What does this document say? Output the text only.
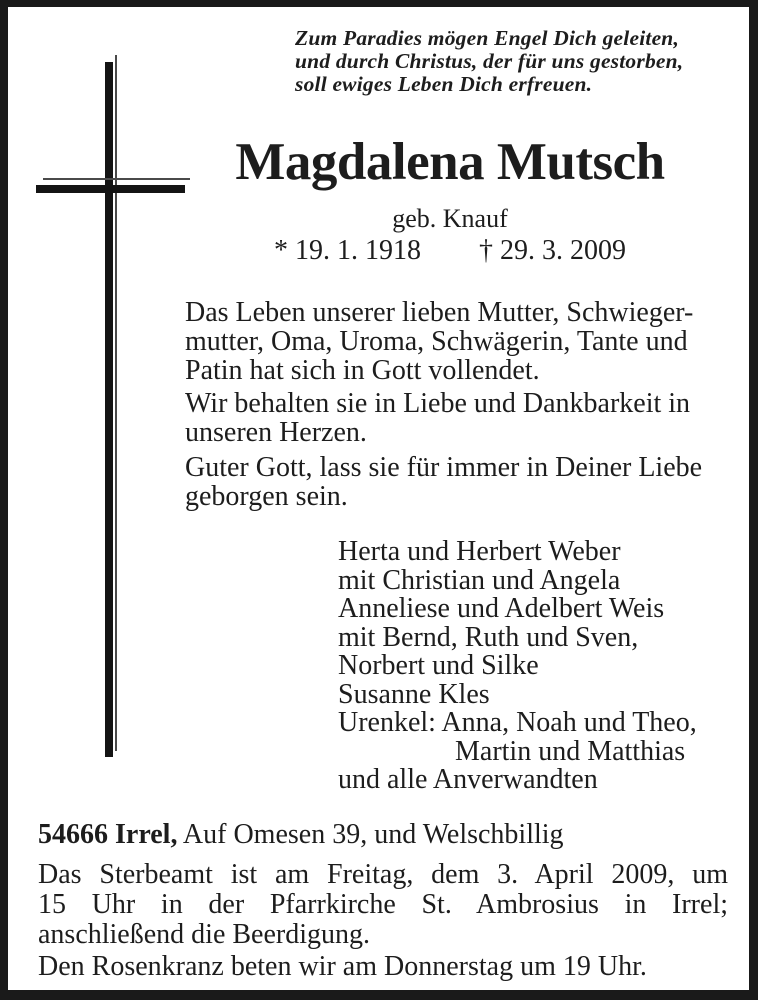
Zum Paradies mögen Engel Dich geleiten,
und durch Christus, der für uns gestorben,
soll ewiges Leben Dich erfreuen.
Magdalena Mutsch
geb. Knauf
* 19. 1. 1918 † 29. 3. 2009

Das Leben unserer lieben Mutter, Schwieger-
mutter, Oma, Uroma, Schwägerin, Tante und
Patin hat sich in Gott vollendet.

Wir behalten sie in Liebe und Dankbarkeit in
unseren Herzen.

Guter Gott, lass sie für immer in Deiner Liebe
geborgen sein.

Herta und Herbert Weber
mit Christian und Angela
Anneliese und Adelbert Weis
mit Bernd, Ruth und Sven,
Norbert und Silke
Susanne Kles
Urenkel: Anna, Noah und Theo,
Martin und Matthias
und alle Anverwandten
54666 Irrel, Auf Omesen 39, und Welschbillig
Das Sterbeamt ist am Freitag, dem 3. April 2009, um
15 Uhr in der Pfarrkirche St. Ambrosius in Irrel;
anschließend die Beerdigung.
Den Rosenkranz beten wir am Donnerstag um 19 Uhr.
